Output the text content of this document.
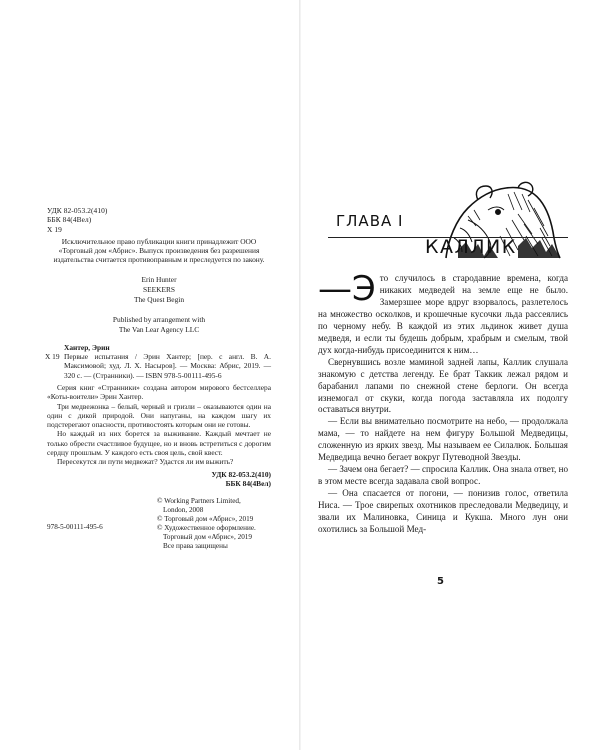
УДК 82-053.2(410)
ББК 84(4Вел)
Х 19
Исключительное право публикации книги принадлежит ООО «Торговый дом «Абрис». Выпуск произведения без разрешения издательства считается противоправным и преследуется по закону.
Erin Hunter
SEEKERS
The Quest Begin
Published by arrangement with
The Van Lear Agency LLC
Х 19
Хантер, Эрин
Первые испытания / Эрин Хантер; [пер. с англ. В. А. Максимовой; худ. Л. Х. Насыров]. — Москва: Абрис, 2019. — 320 с. — (Странники). — ISBN 978-5-00111-495-6

Серия книг «Странники» создана автором мирового бестселлера «Коты-воители» Эрин Хантер.

Три медвежонка – белый, черный и гризли – оказываются один на один с дикой природой. Они напуганы, на каждом шагу их подстерегают опасности, противостоять которым они не готовы.

Но каждый из них борется за выживание. Каждый мечтает не только обрести счастливое будущее, но и вновь встретиться с дорогим сердцу прошлым. У каждого есть своя цель, свой квест.

Пересекутся ли пути медвежат? Удастся ли им выжить?

УДК 82-053.2(410)
ББК 84(4Вел)
978-5-00111-495-6
© Working Partners Limited,
London, 2008
© Торговый дом «Абрис», 2019
© Художественное оформление.
Торговый дом «Абрис», 2019
Все права защищены
ГЛАВА I
КАЛЛИК

—Э то случилось в стародавние времена, когда никаких медведей на земле еще не было. Замерзшее море вдруг взорвалось, разлетелось на множество осколков, и крошечные кусочки льда рассеялись по черному небу. В каждой из этих льдинок живет душа медведя, и если ты будешь добрым, храбрым и смелым, твой дух когда-нибудь присоединится к ним…

Свернувшись возле маминой задней лапы, Каллик слушала знакомую с детства легенду. Ее брат Таккик лежал рядом и барабанил лапами по снежной стене берлоги. Он всегда изнемогал от скуки, когда погода заставляла их подолгу оставаться внутри.

— Если вы внимательно посмотрите на небо, — продолжала мама, — то найдете на нем фигуру Большой Медведицы, сложенную из ярких звезд. Мы называем ее Силалюк. Большая Медведица вечно бегает вокруг Путеводной Звезды.

— Зачем она бегает? — спросила Каллик. Она знала ответ, но в этом месте всегда задавала свой вопрос.

— Она спасается от погони, — понизив голос, ответила Ниса. — Трое свирепых охотников преследовали Медведицу, и звали их Малиновка, Синица и Кукша. Много лун они охотились за Большой Мед-

5
